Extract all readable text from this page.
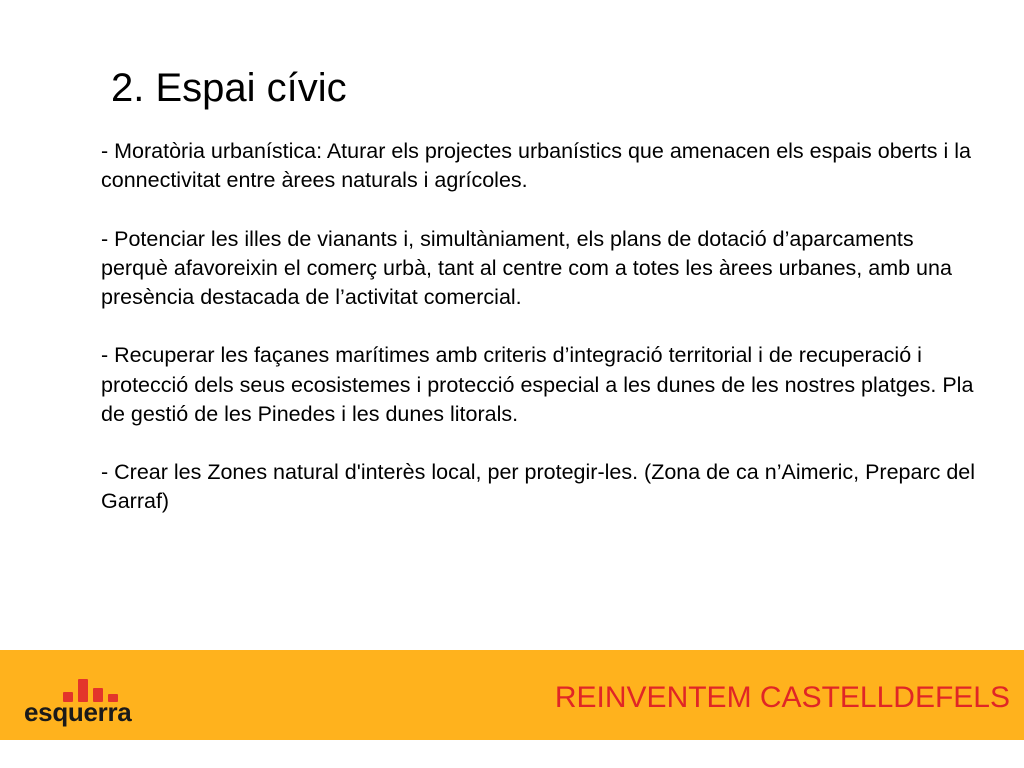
2. Espai cívic

- Moratòria urbanística: Aturar els projectes urbanístics que amenacen els espais oberts i la connectivitat entre àrees naturals i agrícoles.

- Potenciar les illes de vianants i, simultàniament, els plans de dotació d’aparcaments perquè afavoreixin el comerç urbà, tant al centre com a totes les àrees urbanes, amb una presència destacada de l’activitat comercial.

- Recuperar les façanes marítimes amb criteris d’integració territorial i de recuperació i protecció dels seus ecosistemes i protecció especial a les dunes de les nostres platges. Pla de gestió de les Pinedes i les dunes litorals.

- Crear les Zones natural d'interès local, per protegir-les. (Zona de ca n’Aimeric, Preparc del Garraf)

esquerra	REINVENTEM CASTELLDEFELS
